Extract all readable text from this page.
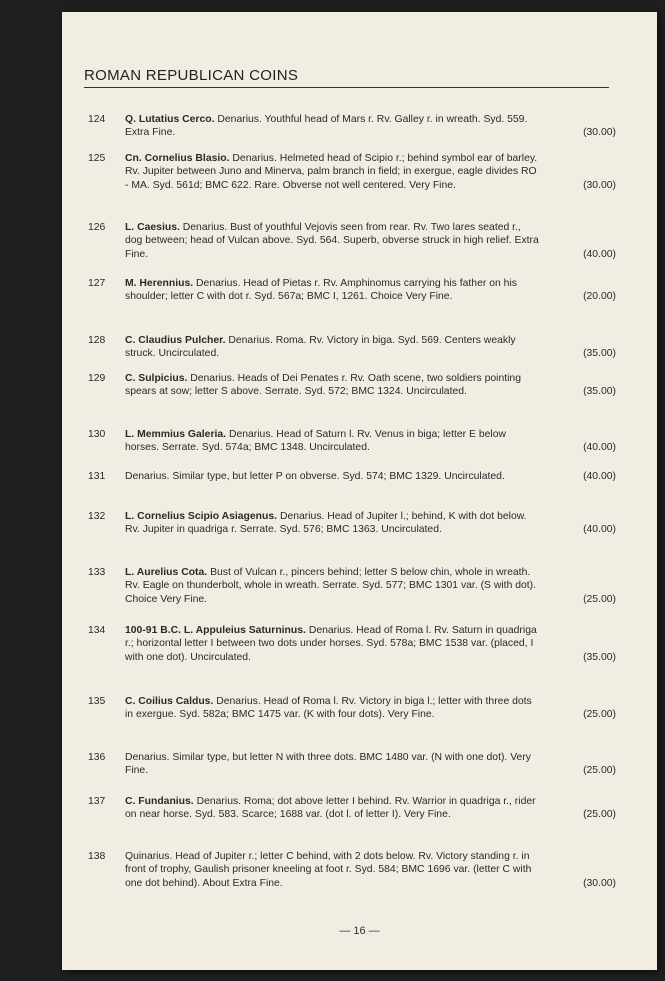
ROMAN REPUBLICAN COINS
124	Q. Lutatius Cerco. Denarius. Youthful head of Mars r. Rv. Galley r. in wreath. Syd. 559. Extra Fine.	(30.00)
125	Cn. Cornelius Blasio. Denarius. Helmeted head of Scipio r.; behind symbol ear of barley. Rv. Jupiter between Juno and Minerva, palm branch in field; in exergue, eagle divides RO - MA. Syd. 561d; BMC 622. Rare. Obverse not well centered. Very Fine.	(30.00)
126	L. Caesius. Denarius. Bust of youthful Vejovis seen from rear. Rv. Two lares seated r., dog between; head of Vulcan above. Syd. 564. Superb, obverse struck in high relief. Extra Fine.	(40.00)
127	M. Herennius. Denarius. Head of Pietas r. Rv. Amphinomus carrying his father on his shoulder; letter C with dot r. Syd. 567a; BMC I, 1261. Choice Very Fine.	(20.00)
128	C. Claudius Pulcher. Denarius. Roma. Rv. Victory in biga. Syd. 569. Centers weakly struck. Uncirculated.	(35.00)
129	C. Sulpicius. Denarius. Heads of Dei Penates r. Rv. Oath scene, two soldiers pointing spears at sow; letter S above. Serrate. Syd. 572; BMC 1324. Uncirculated.	(35.00)
130	L. Memmius Galeria. Denarius. Head of Saturn l. Rv. Venus in biga; letter E below horses. Serrate. Syd. 574a; BMC 1348. Uncirculated.	(40.00)
131	Denarius. Similar type, but letter P on obverse. Syd. 574; BMC 1329. Uncirculated.	(40.00)
132	L. Cornelius Scipio Asiagenus. Denarius. Head of Jupiter l.; behind, K with dot below. Rv. Jupiter in quadriga r. Serrate. Syd. 576; BMC 1363. Uncirculated.	(40.00)
133	L. Aurelius Cota. Bust of Vulcan r., pincers behind; letter S below chin, whole in wreath. Rv. Eagle on thunderbolt, whole in wreath. Serrate. Syd. 577; BMC 1301 var. (S with dot). Choice Very Fine.	(25.00)
134	100-91 B.C. L. Appuleius Saturninus. Denarius. Head of Roma l. Rv. Saturn in quadriga r.; horizontal letter I between two dots under horses. Syd. 578a; BMC 1538 var. (placed, I with one dot). Uncirculated.	(35.00)
135	C. Coilius Caldus. Denarius. Head of Roma l. Rv. Victory in biga l.; letter with three dots in exergue. Syd. 582a; BMC 1475 var. (K with four dots). Very Fine.	(25.00)
136	Denarius. Similar type, but letter N with three dots. BMC 1480 var. (N with one dot). Very Fine.	(25.00)
137	C. Fundanius. Denarius. Roma; dot above letter I behind. Rv. Warrior in quadriga r., rider on near horse. Syd. 583. Scarce; 1688 var. (dot l. of letter I). Very Fine.	(25.00)
138	Quinarius. Head of Jupiter r.; letter C behind, with 2 dots below. Rv. Victory standing r. in front of trophy, Gaulish prisoner kneeling at foot r. Syd. 584; BMC 1696 var. (letter C with one dot behind). About Extra Fine.	(30.00)
— 16 —
